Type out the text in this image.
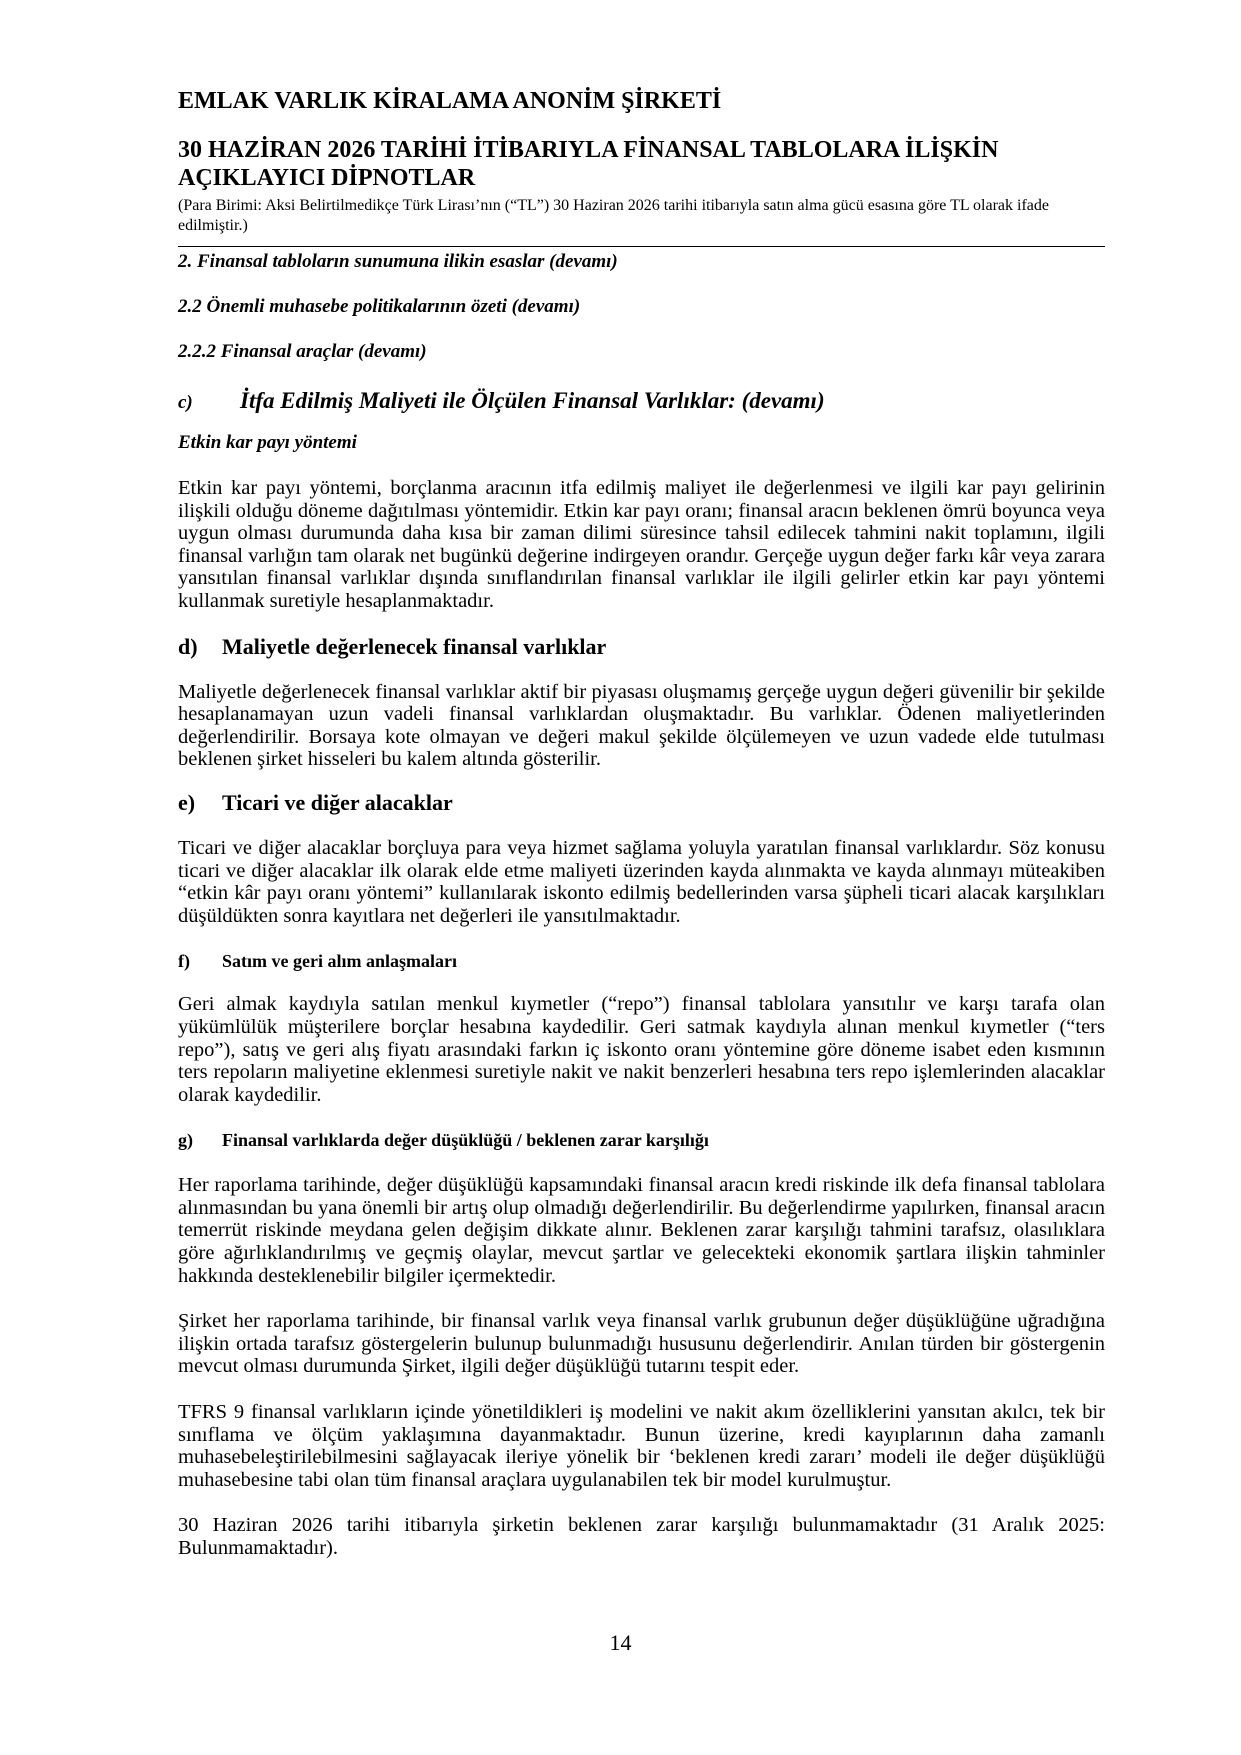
EMLAK VARLIK KİRALAMA ANONİM ŞİRKETİ

30 HAZİRAN 2026 TARİHİ İTİBARIYLA FİNANSAL TABLOLARA İLİŞKİN
AÇIKLAYICI DİPNOTLAR

(Para Birimi: Aksi Belirtilmedikçe Türk Lirası’nın (“TL”) 30 Haziran 2026 tarihi itibarıyla satın alma gücü esasına göre TL olarak ifade edilmiştir.)

2. Finansal tabloların sunumuna ilikin esaslar (devamı)

2.2 Önemli muhasebe politikalarının özeti (devamı)

2.2.2 Finansal araçlar (devamı)

c)	İtfa Edilmiş Maliyeti ile Ölçülen Finansal Varlıklar: (devamı)

Etkin kar payı yöntemi

Etkin kar payı yöntemi, borçlanma aracının itfa edilmiş maliyet ile değerlenmesi ve ilgili kar payı gelirinin ilişkili olduğu döneme dağıtılması yöntemidir. Etkin kar payı oranı; finansal aracın beklenen ömrü boyunca veya uygun olması durumunda daha kısa bir zaman dilimi süresince tahsil edilecek tahmini nakit toplamını, ilgili finansal varlığın tam olarak net bugünkü değerine indirgeyen orandır. Gerçeğe uygun değer farkı kâr veya zarara yansıtılan finansal varlıklar dışında sınıflandırılan finansal varlıklar ile ilgili gelirler etkin kar payı yöntemi kullanmak suretiyle hesaplanmaktadır.

d)	Maliyetle değerlenecek finansal varlıklar

Maliyetle değerlenecek finansal varlıklar aktif bir piyasası oluşmamış gerçeğe uygun değeri güvenilir bir şekilde hesaplanamayan uzun vadeli finansal varlıklardan oluşmaktadır. Bu varlıklar. Ödenen maliyetlerinden değerlendirilir. Borsaya kote olmayan ve değeri makul şekilde ölçülemeyen ve uzun vadede elde tutulması beklenen şirket hisseleri bu kalem altında gösterilir.

e)	Ticari ve diğer alacaklar

Ticari ve diğer alacaklar borçluya para veya hizmet sağlama yoluyla yaratılan finansal varlıklardır. Söz konusu ticari ve diğer alacaklar ilk olarak elde etme maliyeti üzerinden kayda alınmakta ve kayda alınmayı müteakiben “etkin kâr payı oranı yöntemi” kullanılarak iskonto edilmiş bedellerinden varsa şüpheli ticari alacak karşılıkları düşüldükten sonra kayıtlara net değerleri ile yansıtılmaktadır.

f)	Satım ve geri alım anlaşmaları

Geri almak kaydıyla satılan menkul kıymetler (“repo”) finansal tablolara yansıtılır ve karşı tarafa olan yükümlülük müşterilere borçlar hesabına kaydedilir. Geri satmak kaydıyla alınan menkul kıymetler (“ters repo”), satış ve geri alış fiyatı arasındaki farkın iç iskonto oranı yöntemine göre döneme isabet eden kısmının ters repoların maliyetine eklenmesi suretiyle nakit ve nakit benzerleri hesabına ters repo işlemlerinden alacaklar olarak kaydedilir.

g)	Finansal varlıklarda değer düşüklüğü / beklenen zarar karşılığı

Her raporlama tarihinde, değer düşüklüğü kapsamındaki finansal aracın kredi riskinde ilk defa finansal tablolara alınmasından bu yana önemli bir artış olup olmadığı değerlendirilir. Bu değerlendirme yapılırken, finansal aracın temerrüt riskinde meydana gelen değişim dikkate alınır. Beklenen zarar karşılığı tahmini tarafsız, olasılıklara göre ağırlıklandırılmış ve geçmiş olaylar, mevcut şartlar ve gelecekteki ekonomik şartlara ilişkin tahminler hakkında desteklenebilir bilgiler içermektedir.

Şirket her raporlama tarihinde, bir finansal varlık veya finansal varlık grubunun değer düşüklüğüne uğradığına ilişkin ortada tarafsız göstergelerin bulunup bulunmadığı hususunu değerlendirir. Anılan türden bir göstergenin mevcut olması durumunda Şirket, ilgili değer düşüklüğü tutarını tespit eder.

TFRS 9 finansal varlıkların içinde yönetildikleri iş modelini ve nakit akım özelliklerini yansıtan akılcı, tek bir sınıflama ve ölçüm yaklaşımına dayanmaktadır. Bunun üzerine, kredi kayıplarının daha zamanlı muhasebeleştirilebilmesini sağlayacak ileriye yönelik bir ‘beklenen kredi zararı’ modeli ile değer düşüklüğü muhasebesine tabi olan tüm finansal araçlara uygulanabilen tek bir model kurulmuştur.

30 Haziran 2026 tarihi itibarıyla şirketin beklenen zarar karşılığı bulunmamaktadır (31 Aralık 2025: Bulunmamaktadır).

14
